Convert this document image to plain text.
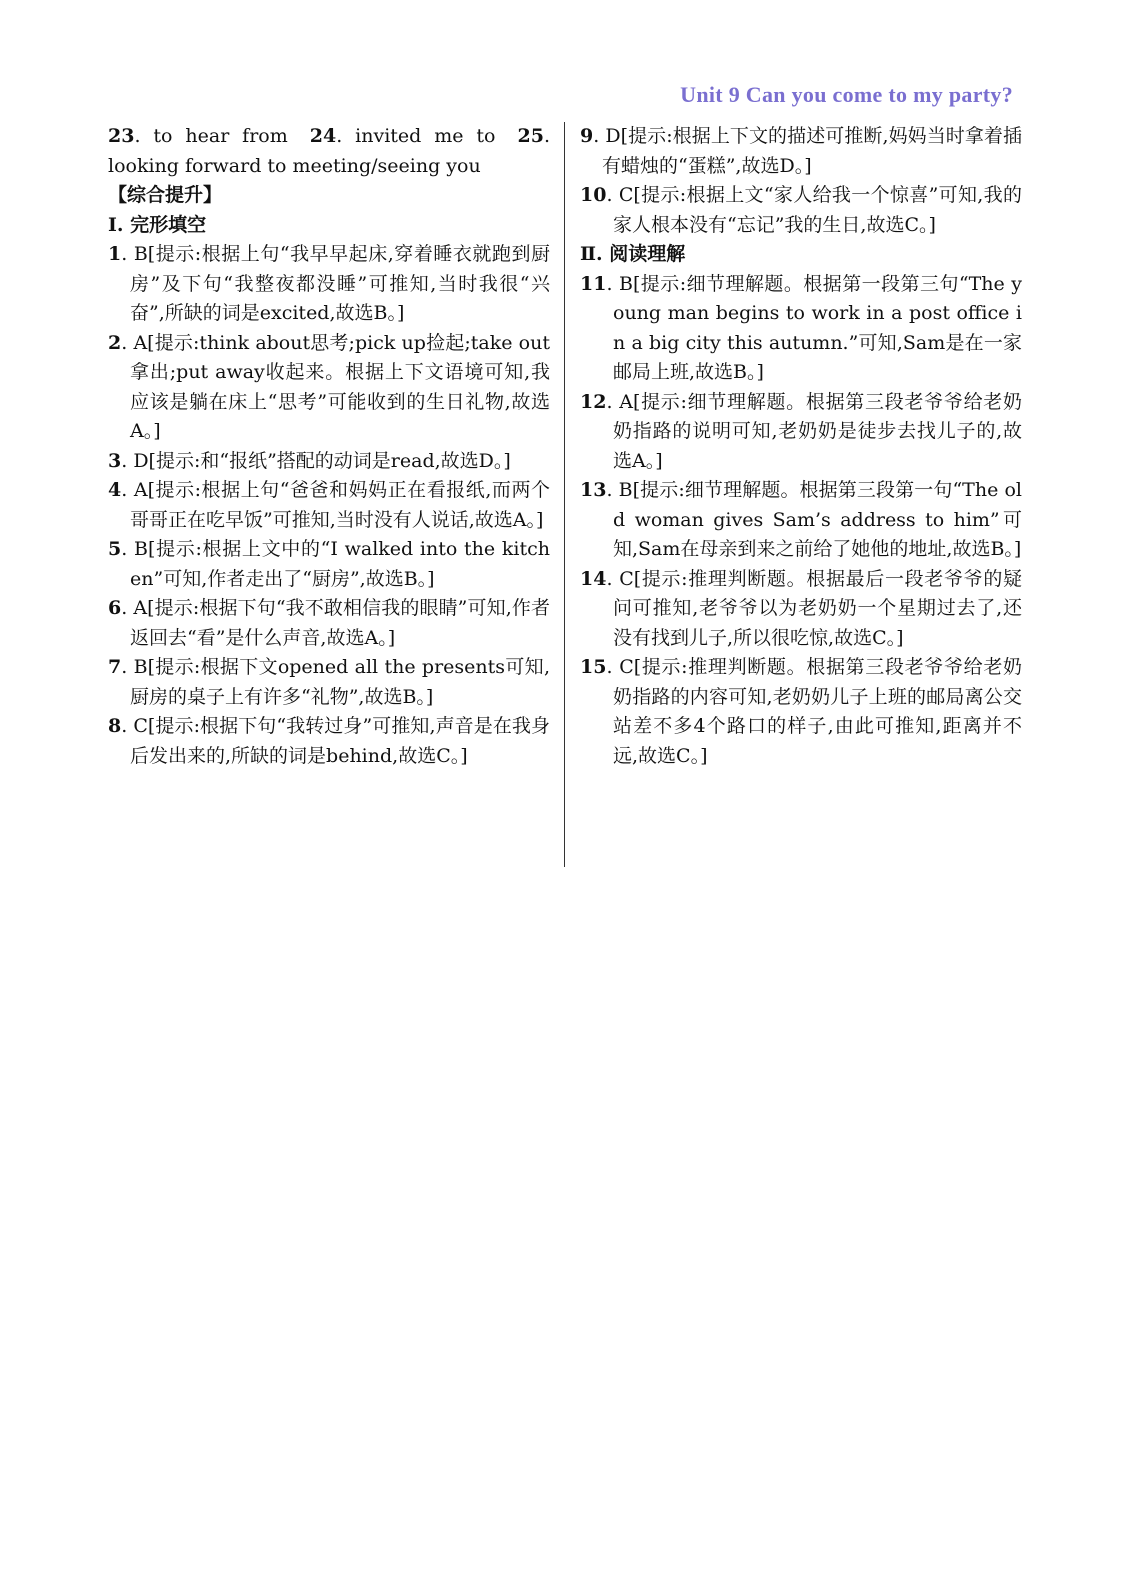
Unit 9 Can you come to my party?
23. to hear from 24. invited me to 25. looking forward to meeting/seeing you
【综合提升】
Ⅰ. 完形填空
1. B[提示:根据上句“我早早起床,穿着睡衣就跑到厨房”及下句“我整夜都没睡”可推知,当时我很“兴奋”,所缺的词是excited,故选B。]
2. A[提示:think about思考;pick up捡起;take out拿出;put away收起来。根据上下文语境可知,我应该是躺在床上“思考”可能收到的生日礼物,故选A。]
3. D[提示:和“报纸”搭配的动词是read,故选D。]
4. A[提示:根据上句“爸爸和妈妈正在看报纸,而两个哥哥正在吃早饭”可推知,当时没有人说话,故选A。]
5. B[提示:根据上文中的“I walked into the kitchen”可知,作者走出了“厨房”,故选B。]
6. A[提示:根据下句“我不敢相信我的眼睛”可知,作者返回去“看”是什么声音,故选A。]
7. B[提示:根据下文opened all the presents可知,厨房的桌子上有许多“礼物”,故选B。]
8. C[提示:根据下句“我转过身”可推知,声音是在我身后发出来的,所缺的词是behind,故选C。]
9. D[提示:根据上下文的描述可推断,妈妈当时拿着插有蜡烛的“蛋糕”,故选D。]
10. C[提示:根据上文“家人给我一个惊喜”可知,我的家人根本没有“忘记”我的生日,故选C。]
Ⅱ. 阅读理解
11. B[提示:细节理解题。根据第一段第三句“The young man begins to work in a post office in a big city this autumn.”可知,Sam是在一家邮局上班,故选B。]
12. A[提示:细节理解题。根据第三段老爷爷给老奶奶指路的说明可知,老奶奶是徒步去找儿子的,故选A。]
13. B[提示:细节理解题。根据第三段第一句“The old woman gives Sam’s address to him”可知,Sam在母亲到来之前给了她他的地址,故选B。]
14. C[提示:推理判断题。根据最后一段老爷爷的疑问可推知,老爷爷以为老奶奶一个星期过去了,还没有找到儿子,所以很吃惊,故选C。]
15. C[提示:推理判断题。根据第三段老爷爷给老奶奶指路的内容可知,老奶奶儿子上班的邮局离公交站差不多4个路口的样子,由此可推知,距离并不远,故选C。]
